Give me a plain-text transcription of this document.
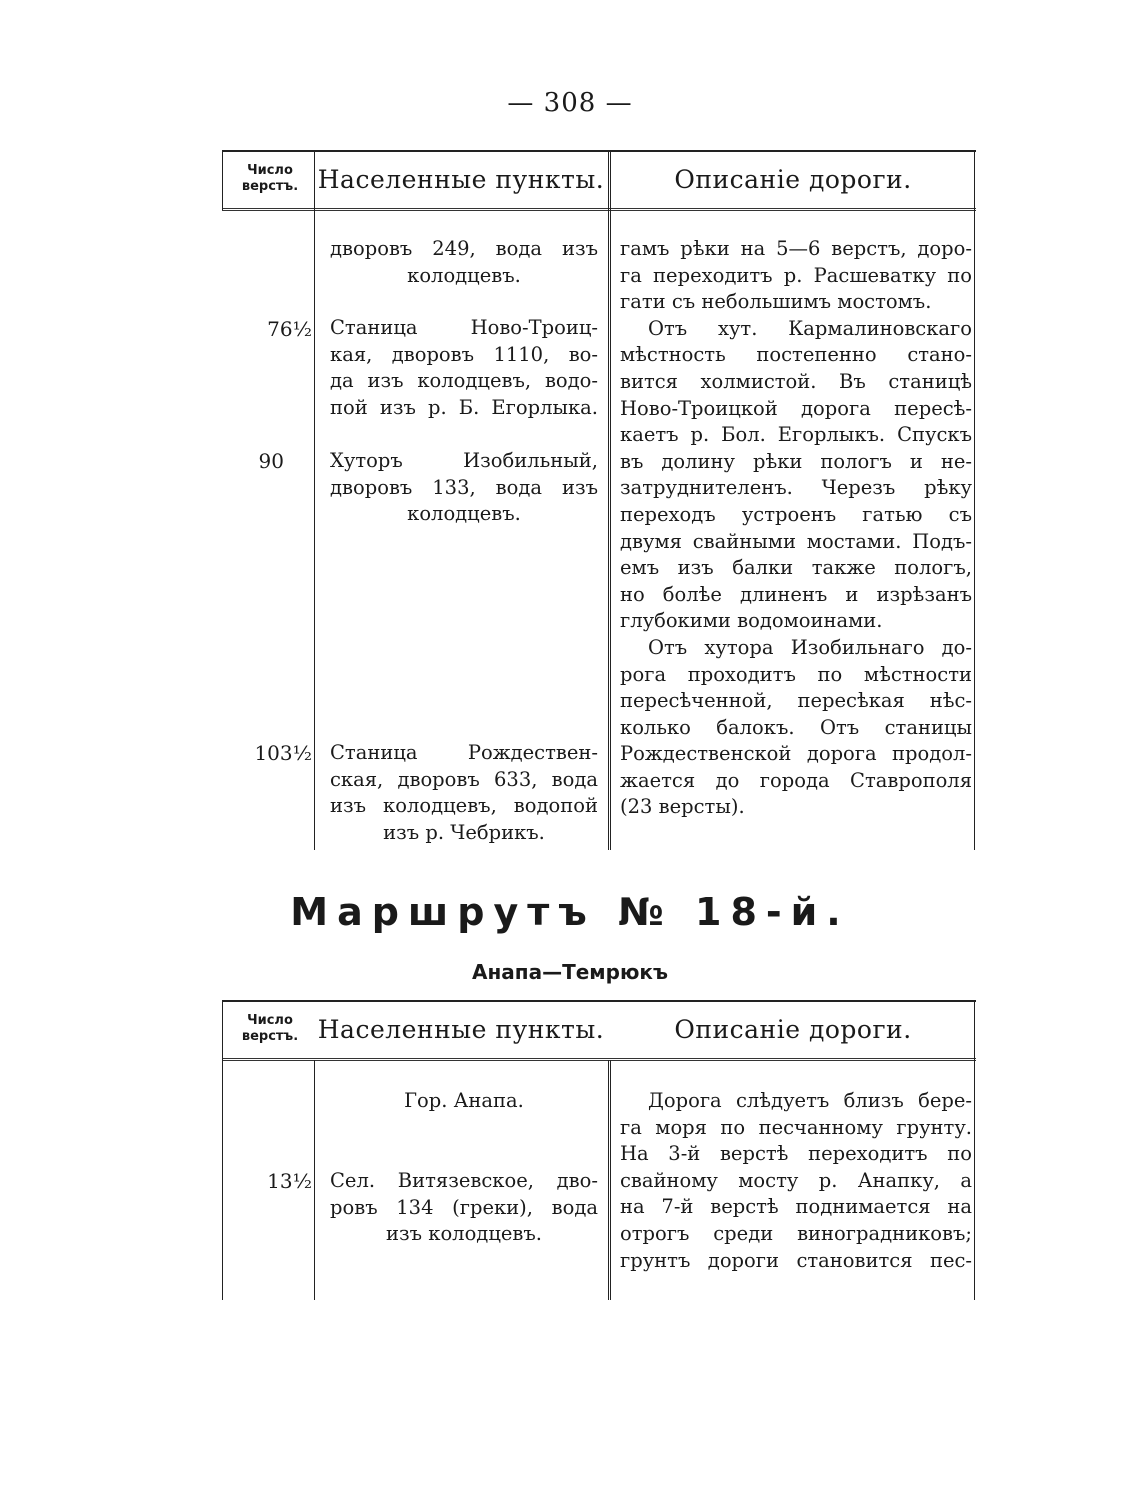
— 308 —
Число верстъ. Населенные пункты.	Описаніе дороги.
дворовъ 249, вода изъ
колодцевъ.
76½ Станица Ново-Троиц-
кая, дворовъ 1110, во-
да изъ колодцевъ, водо-
пой изъ р. Б. Егорлыка.
90 Хуторъ Изобильный,
дворовъ 133, вода изъ
колодцевъ.
103½ Станица Рождествен-
ская, дворовъ 633, вода
изъ колодцевъ, водопой
изъ р. Чебрикъ.
гамъ рѣки на 5—6 верстъ, доро-
га переходитъ р. Расшеватку по
гати съ небольшимъ мостомъ.
Отъ хут. Кармалиновскаго
мѣстность постепенно стано-
вится холмистой. Въ станицѣ
Ново-Троицкой дорога пересѣ-
каетъ р. Бол. Егорлыкъ. Спускъ
въ долину рѣки пологъ и не-
затруднителенъ. Черезъ рѣку
переходъ устроенъ гатью съ
двумя свайными мостами. Подъ-
емъ изъ балки также пологъ,
но болѣе длиненъ и изрѣзанъ
глубокими водомоинами.
Отъ хутора Изобильнаго до-
рога проходитъ по мѣстности
пересѣченной, пересѣкая нѣс-
колько балокъ. Отъ станицы
Рождественской дорога продол-
жается до города Ставрополя
(23 версты).
Маршрутъ № 18-й.
Анапа—Темрюкъ
Число верстъ. Населенные пункты.	Описаніе дороги.
Гор. Анапа.
13½ Сел. Витязевское, дво-
ровъ 134 (греки), вода
изъ колодцевъ.
Дорога слѣдуетъ близъ бере-
га моря по песчанному грунту.
На 3-й верстѣ переходитъ по
свайному мосту р. Анапку, а
на 7-й верстѣ поднимается на
отрогъ среди виноградниковъ;
грунтъ дороги становится пес-
